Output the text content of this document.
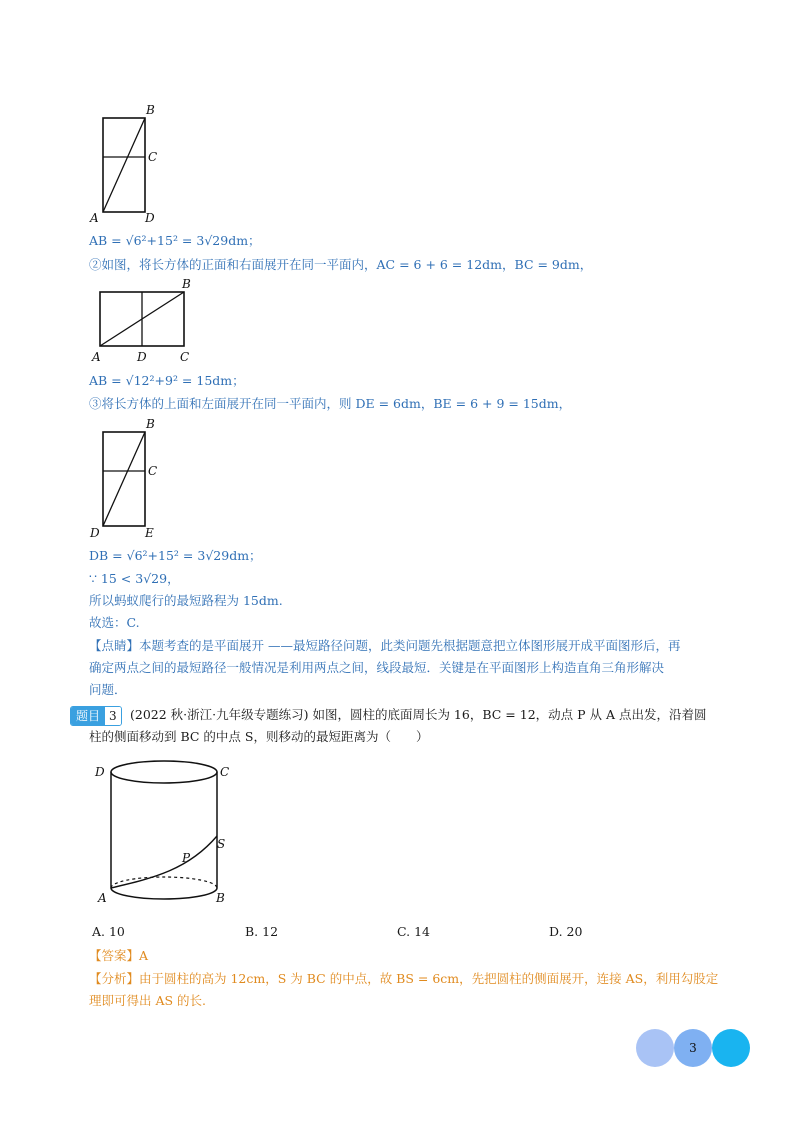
B
C
A	D
AB = √6²+15² = 3√29dm；
②如图，将长方体的正面和右面展开在同一平面内，AC = 6 + 6 = 12dm，BC = 9dm，
B
A	D	C
AB = √12²+9² = 15dm；
③将长方体的上面和左面展开在同一平面内，则 DE = 6dm，BE = 6 + 9 = 15dm，
B
C
D	E
DB = √6²+15² = 3√29dm；
∵ 15 < 3√29，
所以蚂蚁爬行的最短路程为 15dm.
故选：C.
【点睛】本题考查的是平面展开 ——最短路径问题，此类问题先根据题意把立体图形展开成平面图形后，再
确定两点之间的最短路径一般情况是利用两点之间，线段最短．关键是在平面图形上构造直角三角形解决
问题．
题目 3	(2022 秋·浙江·九年级专题练习) 如图，圆柱的底面周长为 16，BC = 12，动点 P 从 A 点出发，沿着圆
柱的侧面移动到 BC 的中点 S，则移动的最短距离为（　　）
D	C
S
P
A	B
A. 10	B. 12	C. 14	D. 20
【答案】A
【分析】由于圆柱的高为 12cm，S 为 BC 的中点，故 BS = 6cm，先把圆柱的侧面展开，连接 AS，利用勾股定
理即可得出 AS 的长.
3
